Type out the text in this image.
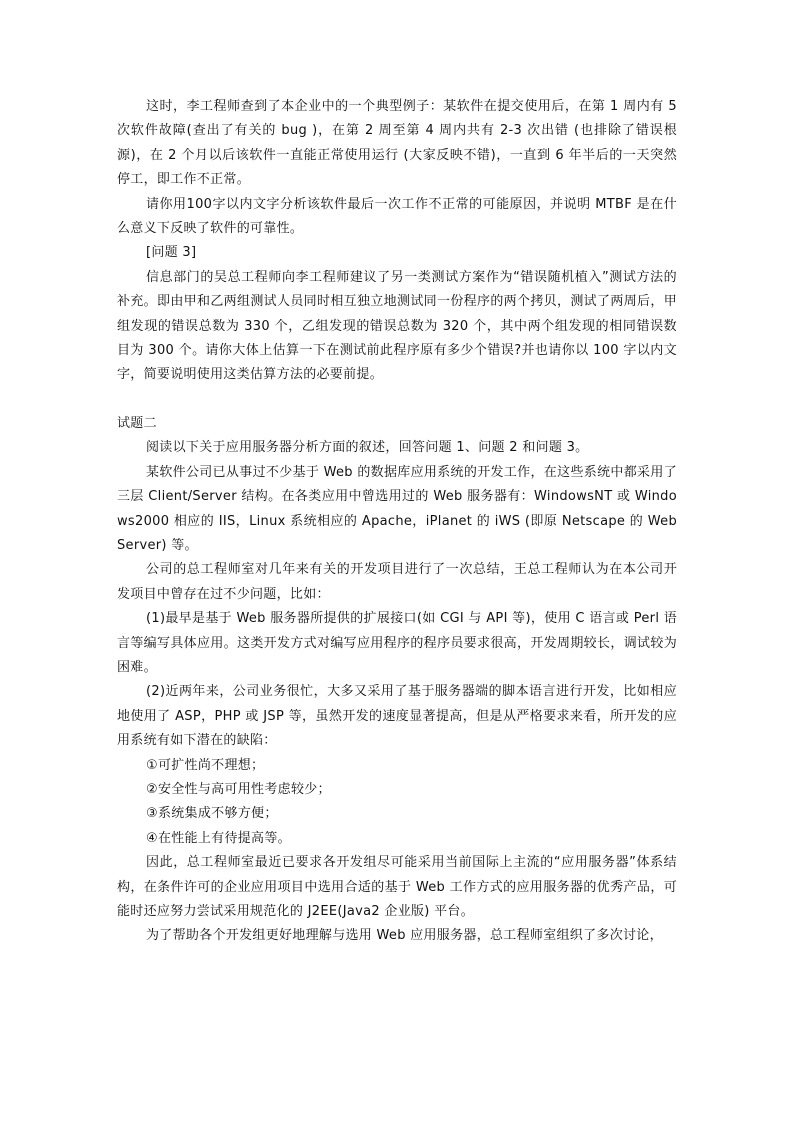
这时，李工程师查到了本企业中的一个典型例子：某软件在提交使用后，在第 1 周内有 5 次软件故障(查出了有关的 bug )，在第 2 周至第 4 周内共有 2-3 次出错 (也排除了错误根源)，在 2 个月以后该软件一直能正常使用运行 (大家反映不错)，一直到 6 年半后的一天突然停工，即工作不正常。

请你用100字以内文字分析该软件最后一次工作不正常的可能原因，并说明 MTBF 是在什么意义下反映了软件的可靠性。

[问题 3]

信息部门的吴总工程师向李工程师建议了另一类测试方案作为“错误随机植入”测试方法的补充。即由甲和乙两组测试人员同时相互独立地测试同一份程序的两个拷贝，测试了两周后，甲组发现的错误总数为 330 个，乙组发现的错误总数为 320 个，其中两个组发现的相同错误数目为 300 个。请你大体上估算一下在测试前此程序原有多少个错误?并也请你以 100 字以内文字，简要说明使用这类估算方法的必要前提。

试题二

阅读以下关于应用服务器分析方面的叙述，回答问题 1、问题 2 和问题 3。

某软件公司已从事过不少基于 Web 的数据库应用系统的开发工作，在这些系统中都采用了三层 Client/Server 结构。在各类应用中曾选用过的 Web 服务器有：WindowsNT 或 Windows2000 相应的 IIS，Linux 系统相应的 Apache，iPlanet 的 iWS (即原 Netscape 的 WebServer) 等。

公司的总工程师室对几年来有关的开发项目进行了一次总结，王总工程师认为在本公司开发项目中曾存在过不少问题，比如：

(1)最早是基于 Web 服务器所提供的扩展接口(如 CGI 与 API 等)，使用 C 语言或 Perl 语言等编写具体应用。这类开发方式对编写应用程序的程序员要求很高，开发周期较长，调试较为困难。

(2)近两年来，公司业务很忙，大多又采用了基于服务器端的脚本语言进行开发，比如相应地使用了 ASP，PHP 或 JSP 等，虽然开发的速度显著提高，但是从严格要求来看，所开发的应用系统有如下潜在的缺陷：

①可扩性尚不理想；

②安全性与高可用性考虑较少；

③系统集成不够方便；

④在性能上有待提高等。

因此，总工程师室最近已要求各开发组尽可能采用当前国际上主流的“应用服务器”体系结构，在条件许可的企业应用项目中选用合适的基于 Web 工作方式的应用服务器的优秀产品，可能时还应努力尝试采用规范化的 J2EE(Java2 企业版) 平台。

为了帮助各个开发组更好地理解与选用 Web 应用服务器，总工程师室组织了多次讨论，
